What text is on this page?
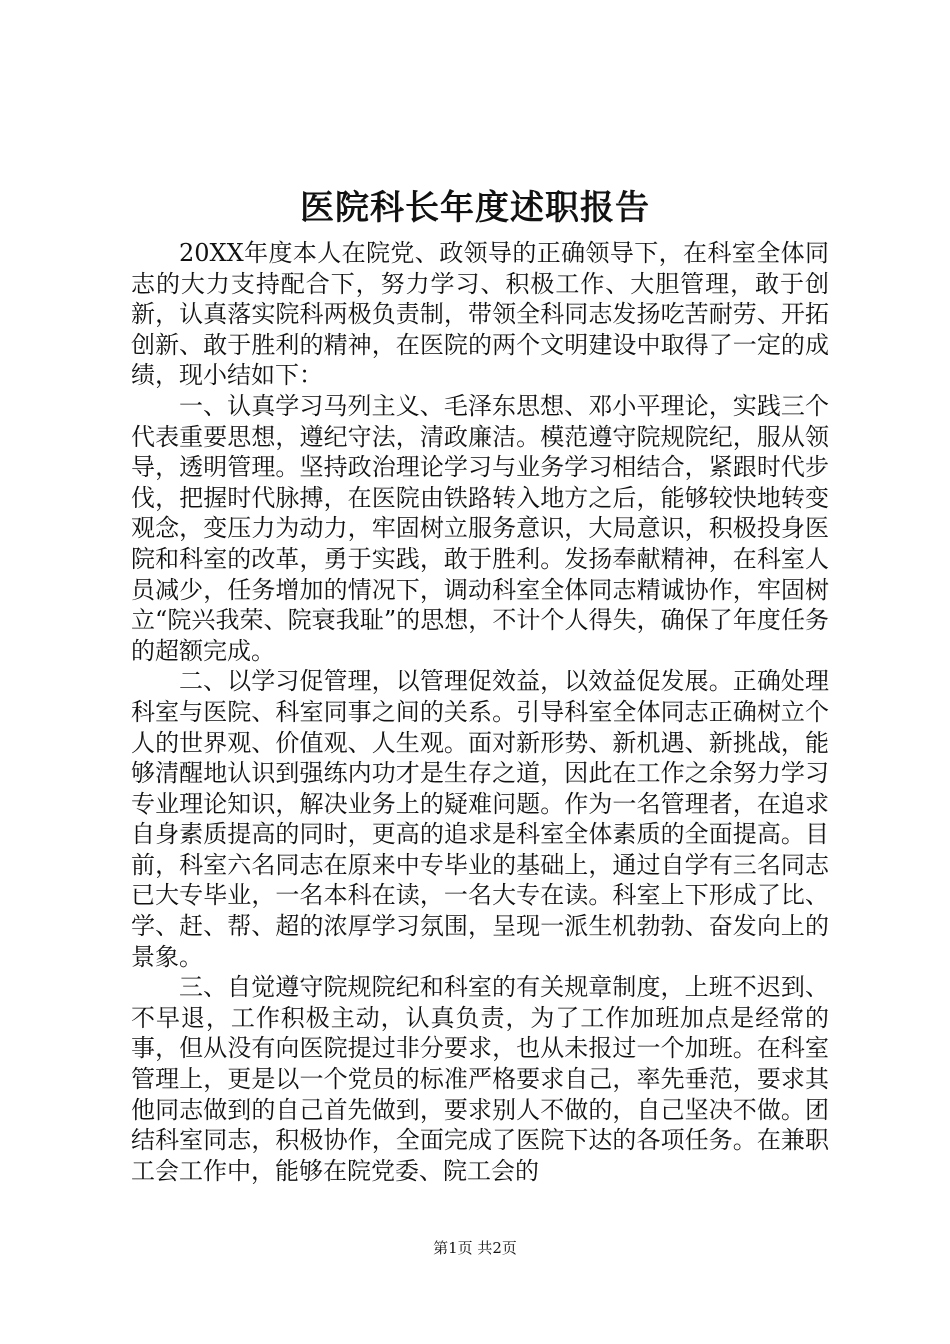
医院科长年度述职报告

20XX年度本人在院党、政领导的正确领导下，在科室全体同志的大力支持配合下，努力学习、积极工作、大胆管理，敢于创新，认真落实院科两极负责制，带领全科同志发扬吃苦耐劳、开拓创新、敢于胜利的精神，在医院的两个文明建设中取得了一定的成绩，现小结如下：

一、认真学习马列主义、毛泽东思想、邓小平理论，实践三个代表重要思想，遵纪守法，清政廉洁。模范遵守院规院纪，服从领导，透明管理。坚持政治理论学习与业务学习相结合，紧跟时代步伐，把握时代脉搏，在医院由铁路转入地方之后，能够较快地转变观念，变压力为动力，牢固树立服务意识，大局意识，积极投身医院和科室的改革，勇于实践，敢于胜利。发扬奉献精神，在科室人员减少，任务增加的情况下，调动科室全体同志精诚协作，牢固树立“院兴我荣、院衰我耻”的思想，不计个人得失，确保了年度任务的超额完成。

二、以学习促管理，以管理促效益，以效益促发展。正确处理科室与医院、科室同事之间的关系。引导科室全体同志正确树立个人的世界观、价值观、人生观。面对新形势、新机遇、新挑战，能够清醒地认识到强练内功才是生存之道，因此在工作之余努力学习专业理论知识，解决业务上的疑难问题。作为一名管理者，在追求自身素质提高的同时，更高的追求是科室全体素质的全面提高。目前，科室六名同志在原来中专毕业的基础上，通过自学有三名同志已大专毕业，一名本科在读，一名大专在读。科室上下形成了比、学、赶、帮、超的浓厚学习氛围，呈现一派生机勃勃、奋发向上的景象。

三、自觉遵守院规院纪和科室的有关规章制度，上班不迟到、不早退，工作积极主动，认真负责，为了工作加班加点是经常的事，但从没有向医院提过非分要求，也从未报过一个加班。在科室管理上，更是以一个党员的标准严格要求自己，率先垂范，要求其他同志做到的自己首先做到，要求别人不做的，自己坚决不做。团结科室同志，积极协作，全面完成了医院下达的各项任务。在兼职工会工作中，能够在院党委、院工会的

第1页 共2页
